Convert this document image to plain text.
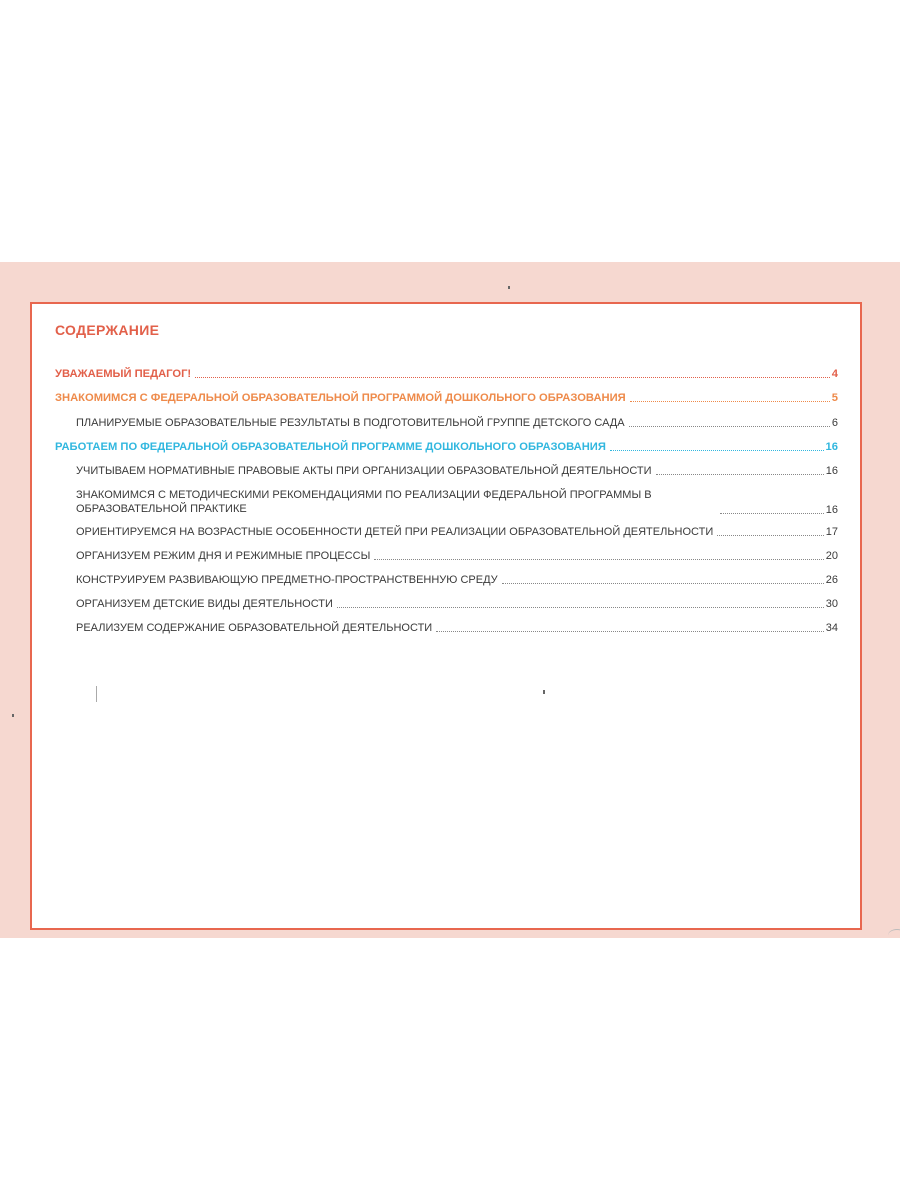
СОДЕРЖАНИЕ
УВАЖАЕМЫЙ ПЕДАГОГ!	4
ЗНАКОМИМСЯ С ФЕДЕРАЛЬНОЙ ОБРАЗОВАТЕЛЬНОЙ ПРОГРАММОЙ ДОШКОЛЬНОГО ОБРАЗОВАНИЯ	5
ПЛАНИРУЕМЫЕ ОБРАЗОВАТЕЛЬНЫЕ РЕЗУЛЬТАТЫ В ПОДГОТОВИТЕЛЬНОЙ ГРУППЕ ДЕТСКОГО САДА	6
РАБОТАЕМ ПО ФЕДЕРАЛЬНОЙ ОБРАЗОВАТЕЛЬНОЙ ПРОГРАММЕ ДОШКОЛЬНОГО ОБРАЗОВАНИЯ	16
УЧИТЫВАЕМ НОРМАТИВНЫЕ ПРАВОВЫЕ АКТЫ ПРИ ОРГАНИЗАЦИИ ОБРАЗОВАТЕЛЬНОЙ ДЕЯТЕЛЬНОСТИ	16
ЗНАКОМИМСЯ С МЕТОДИЧЕСКИМИ РЕКОМЕНДАЦИЯМИ ПО РЕАЛИЗАЦИИ ФЕДЕРАЛЬНОЙ ПРОГРАММЫ В ОБРАЗОВАТЕЛЬНОЙ ПРАКТИКЕ	16
ОРИЕНТИРУЕМСЯ НА ВОЗРАСТНЫЕ ОСОБЕННОСТИ ДЕТЕЙ ПРИ РЕАЛИЗАЦИИ ОБРАЗОВАТЕЛЬНОЙ ДЕЯТЕЛЬНОСТИ	17
ОРГАНИЗУЕМ РЕЖИМ ДНЯ И РЕЖИМНЫЕ ПРОЦЕССЫ	20
КОНСТРУИРУЕМ РАЗВИВАЮЩУЮ ПРЕДМЕТНО-ПРОСТРАНСТВЕННУЮ СРЕДУ	26
ОРГАНИЗУЕМ ДЕТСКИЕ ВИДЫ ДЕЯТЕЛЬНОСТИ	30
РЕАЛИЗУЕМ СОДЕРЖАНИЕ ОБРАЗОВАТЕЛЬНОЙ ДЕЯТЕЛЬНОСТИ	34
